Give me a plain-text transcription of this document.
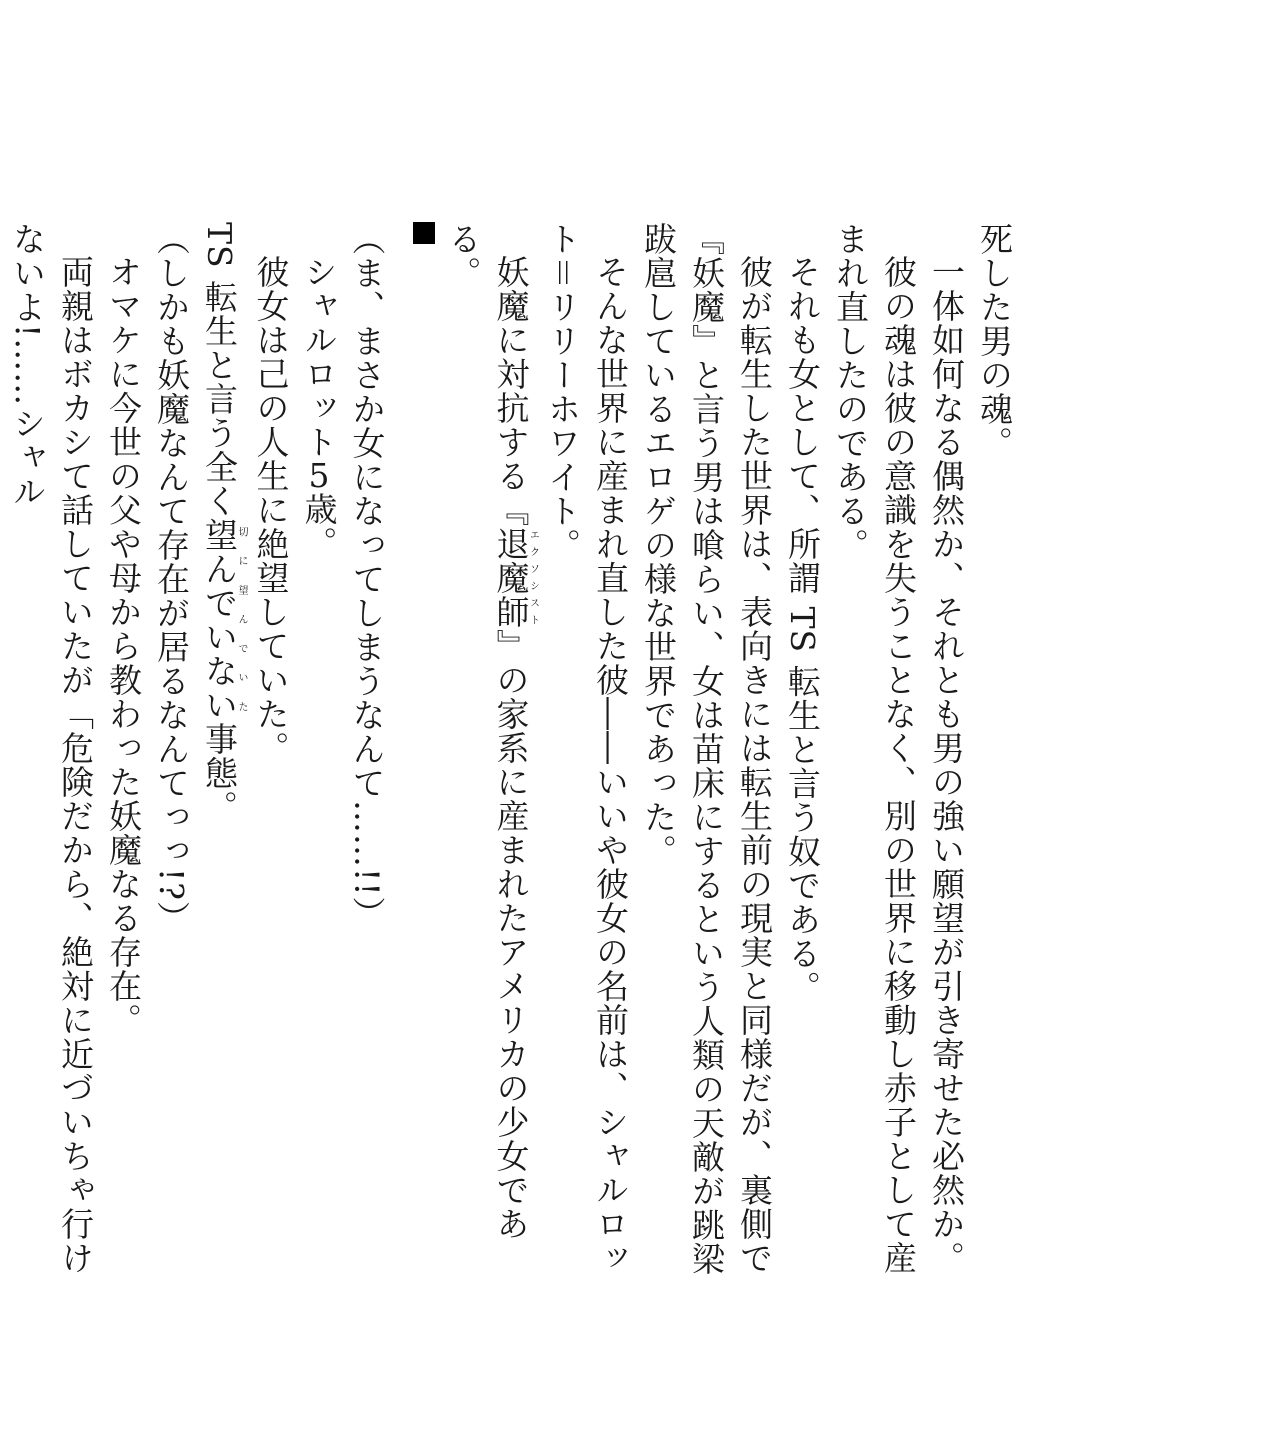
死した男の魂。

一体如何なる偶然か、それとも男の強い願望が引き寄せた必然か。

彼の魂は彼の意識を失うことなく、別の世界に移動し赤子として産まれ直したのである。

それも女として、所謂 TS 転生と言う奴である。

彼が転生した世界は、表向きには転生前の現実と同様だが、裏側で『妖魔』と言う男は喰らい、女は苗床にするという人類の天敵が跳梁跋扈しているエロゲの様な世界であった。

そんな世界に産まれ直した彼――いいや彼女の名前は、シャルロット＝リリーホワイト。

妖魔に対抗する『退魔師エクソシスト』の家系に産まれたアメリカの少女である。

（ま、まさか女になってしまうなんて……!!）

シャルロット5歳。

彼女は己の人生に絶望していた。

TS 転生と言う全く望んでいない切に望んでいた事態。

（しかも妖魔なんて存在が居るなんてっっ!?）

オマケに今世の父や母から教わった妖魔なる存在。

両親はボカシて話していたが「危険だから、絶対に近づいちゃ行けないよ!……シャル
